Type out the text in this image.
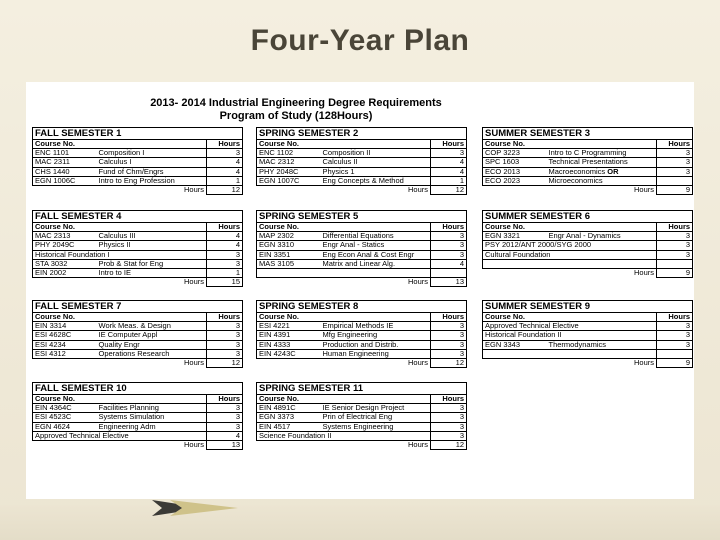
Four-Year Plan
2013- 2014 Industrial Engineering Degree Requirements
Program of Study (128Hours)
FALL SEMESTER 1		
Course No.		Hours
ENC 1101	Composition I	3
MAC 2311	Calculus I	4
CHS 1440	Fund of Chm/Engrs	4
EGN 1006C	Intro to Eng Profession	1
Hours		12
SPRING SEMESTER 2		
Course No.		Hours
ENC 1102	Composition II	3
MAC 2312	Calculus II	4
PHY 2048C	Physics 1	4
EGN 1007C	Eng Concepts & Method	1
Hours		12
SUMMER SEMESTER 3		
Course No.		Hours
COP 3223	Intro to C Programming	3
SPC 1603	Technical Presentations	3
ECO 2013	Macroeconomics OR	3
ECO 2023	Microeconomics	
Hours		9
FALL SEMESTER 4		
Course No.		Hours
MAC 2313	Calculus III	4
PHY 2049C	Physics II	4
Historical Foundation I		3
STA 3032	Prob & Stat for Eng	3
EIN 2002	Intro to IE	1
Hours		15
SPRING SEMESTER 5		
Course No.		Hours
MAP 2302	Differential Equations	3
EGN 3310	Engr Anal - Statics	3
EIN 3351	Eng Econ Anal & Cost Engr	3
MAS 3105	Matrix and Linear Alg.	4

Hours		13
SUMMER SEMESTER 6		
Course No.		Hours
EGN 3321	Engr Anal - Dynamics	3
PSY 2012/ANT 2000/SYG 2000		3
Cultural Foundation		3

Hours		9
FALL SEMESTER 7		
Course No.		Hours
EIN 3314	Work Meas. & Design	3
ESI 4628C	IE Computer Appl	3
ESI 4234	Quality Engr	3
ESI 4312	Operations Research	3
Hours		12
SPRING SEMESTER 8		
Course No.		Hours
ESI 4221	Empirical Methods IE	3
EIN 4391	Mfg Engineering	3
EIN 4333	Production and Distrib.	3
EIN 4243C	Human Engineering	3
Hours		12
SUMMER SEMESTER 9		
Course No.		Hours
Approved Technical Elective		3
Historical Foundation II		3
EGN 3343	Thermodynamics	3

Hours		9
FALL SEMESTER 10		
Course No.		Hours
EIN 4364C	Facilities Planning	3
ESI 4523C	Systems Simulation	3
EGN 4624	Engineering Adm	3
Approved Technical Elective		4
Hours		13
SPRING SEMESTER 11		
Course No.		Hours
EIN 4891C	IE Senior Design Project	3
EGN 3373	Prin of Electrical Eng	3
EIN 4517	Systems Engineering	3
Science Foundation II		3
Hours		12
